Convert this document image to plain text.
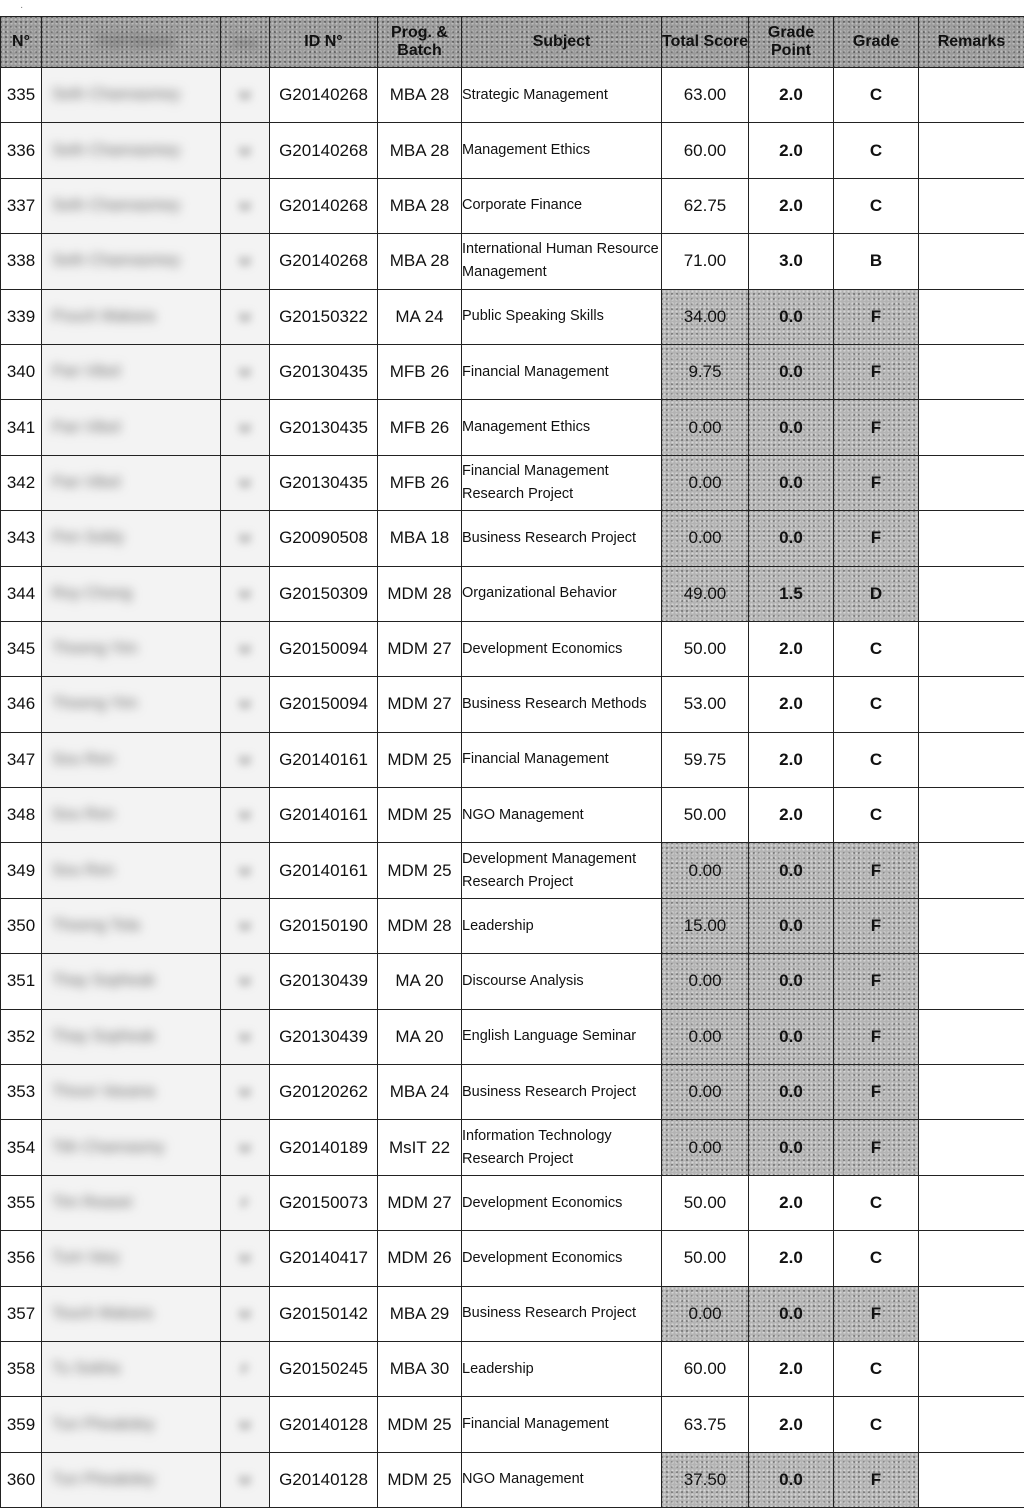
·
N°	Full Name	Sex	ID N°	Prog. & Batch	Subject	Total Score	Grade Point	Grade	Remarks
335	Seth Chanrasmey	M	G20140268	MBA 28	Strategic Management	63.00	2.0	C	
336	Seth Chanrasmey	M	G20140268	MBA 28	Management Ethics	60.00	2.0	C	
337	Seth Chanrasmey	M	G20140268	MBA 28	Corporate Finance	62.75	2.0	C	
338	Seth Chanrasmey	M	G20140268	MBA 28	International Human Resource Management	71.00	3.0	B	
339	Pouch Makara	M	G20150322	MA 24	Public Speaking Skills	34.00	0.0	F	
340	Pan Vibol	M	G20130435	MFB 26	Financial Management	9.75	0.0	F	
341	Pan Vibol	M	G20130435	MFB 26	Management Ethics	0.00	0.0	F	
342	Pan Vibol	M	G20130435	MFB 26	Financial Management Research Project	0.00	0.0	F	
343	Pen Sokly	M	G20090508	MBA 18	Business Research Project	0.00	0.0	F	
344	Roy Chong	M	G20150309	MDM 28	Organizational Behavior	49.00	1.5	D	
345	Thoeng Yim	M	G20150094	MDM 27	Development Economics	50.00	2.0	C	
346	Thoeng Yim	M	G20150094	MDM 27	Business Research Methods	53.00	2.0	C	
347	Sou Ren	M	G20140161	MDM 25	Financial Management	59.75	2.0	C	
348	Sou Ren	M	G20140161	MDM 25	NGO Management	50.00	2.0	C	
349	Sou Ren	M	G20140161	MDM 25	Development Management Research Project	0.00	0.0	F	
350	Thoeng Tola	M	G20150190	MDM 28	Leadership	15.00	0.0	F	
351	Thay Sopheak	M	G20130439	MA 20	Discourse Analysis	0.00	0.0	F	
352	Thay Sopheak	M	G20130439	MA 20	English Language Seminar	0.00	0.0	F	
353	Thoun Vasana	M	G20120262	MBA 24	Business Research Project	0.00	0.0	F	
354	Tith Chanrasmy	M	G20140189	MsIT 22	Information Technology Research Project	0.00	0.0	F	
355	Tim Reasei	F	G20150073	MDM 27	Development Economics	50.00	2.0	C	
356	Tum Vary	M	G20140417	MDM 26	Development Economics	50.00	2.0	C	
357	Touch Makara	M	G20150142	MBA 29	Business Research Project	0.00	0.0	F	
358	Tu Sokha	F	G20150245	MBA 30	Leadership	60.00	2.0	C	
359	Tun Pheakdey	M	G20140128	MDM 25	Financial Management	63.75	2.0	C	
360	Tun Pheakdey	M	G20140128	MDM 25	NGO Management	37.50	0.0	F	
